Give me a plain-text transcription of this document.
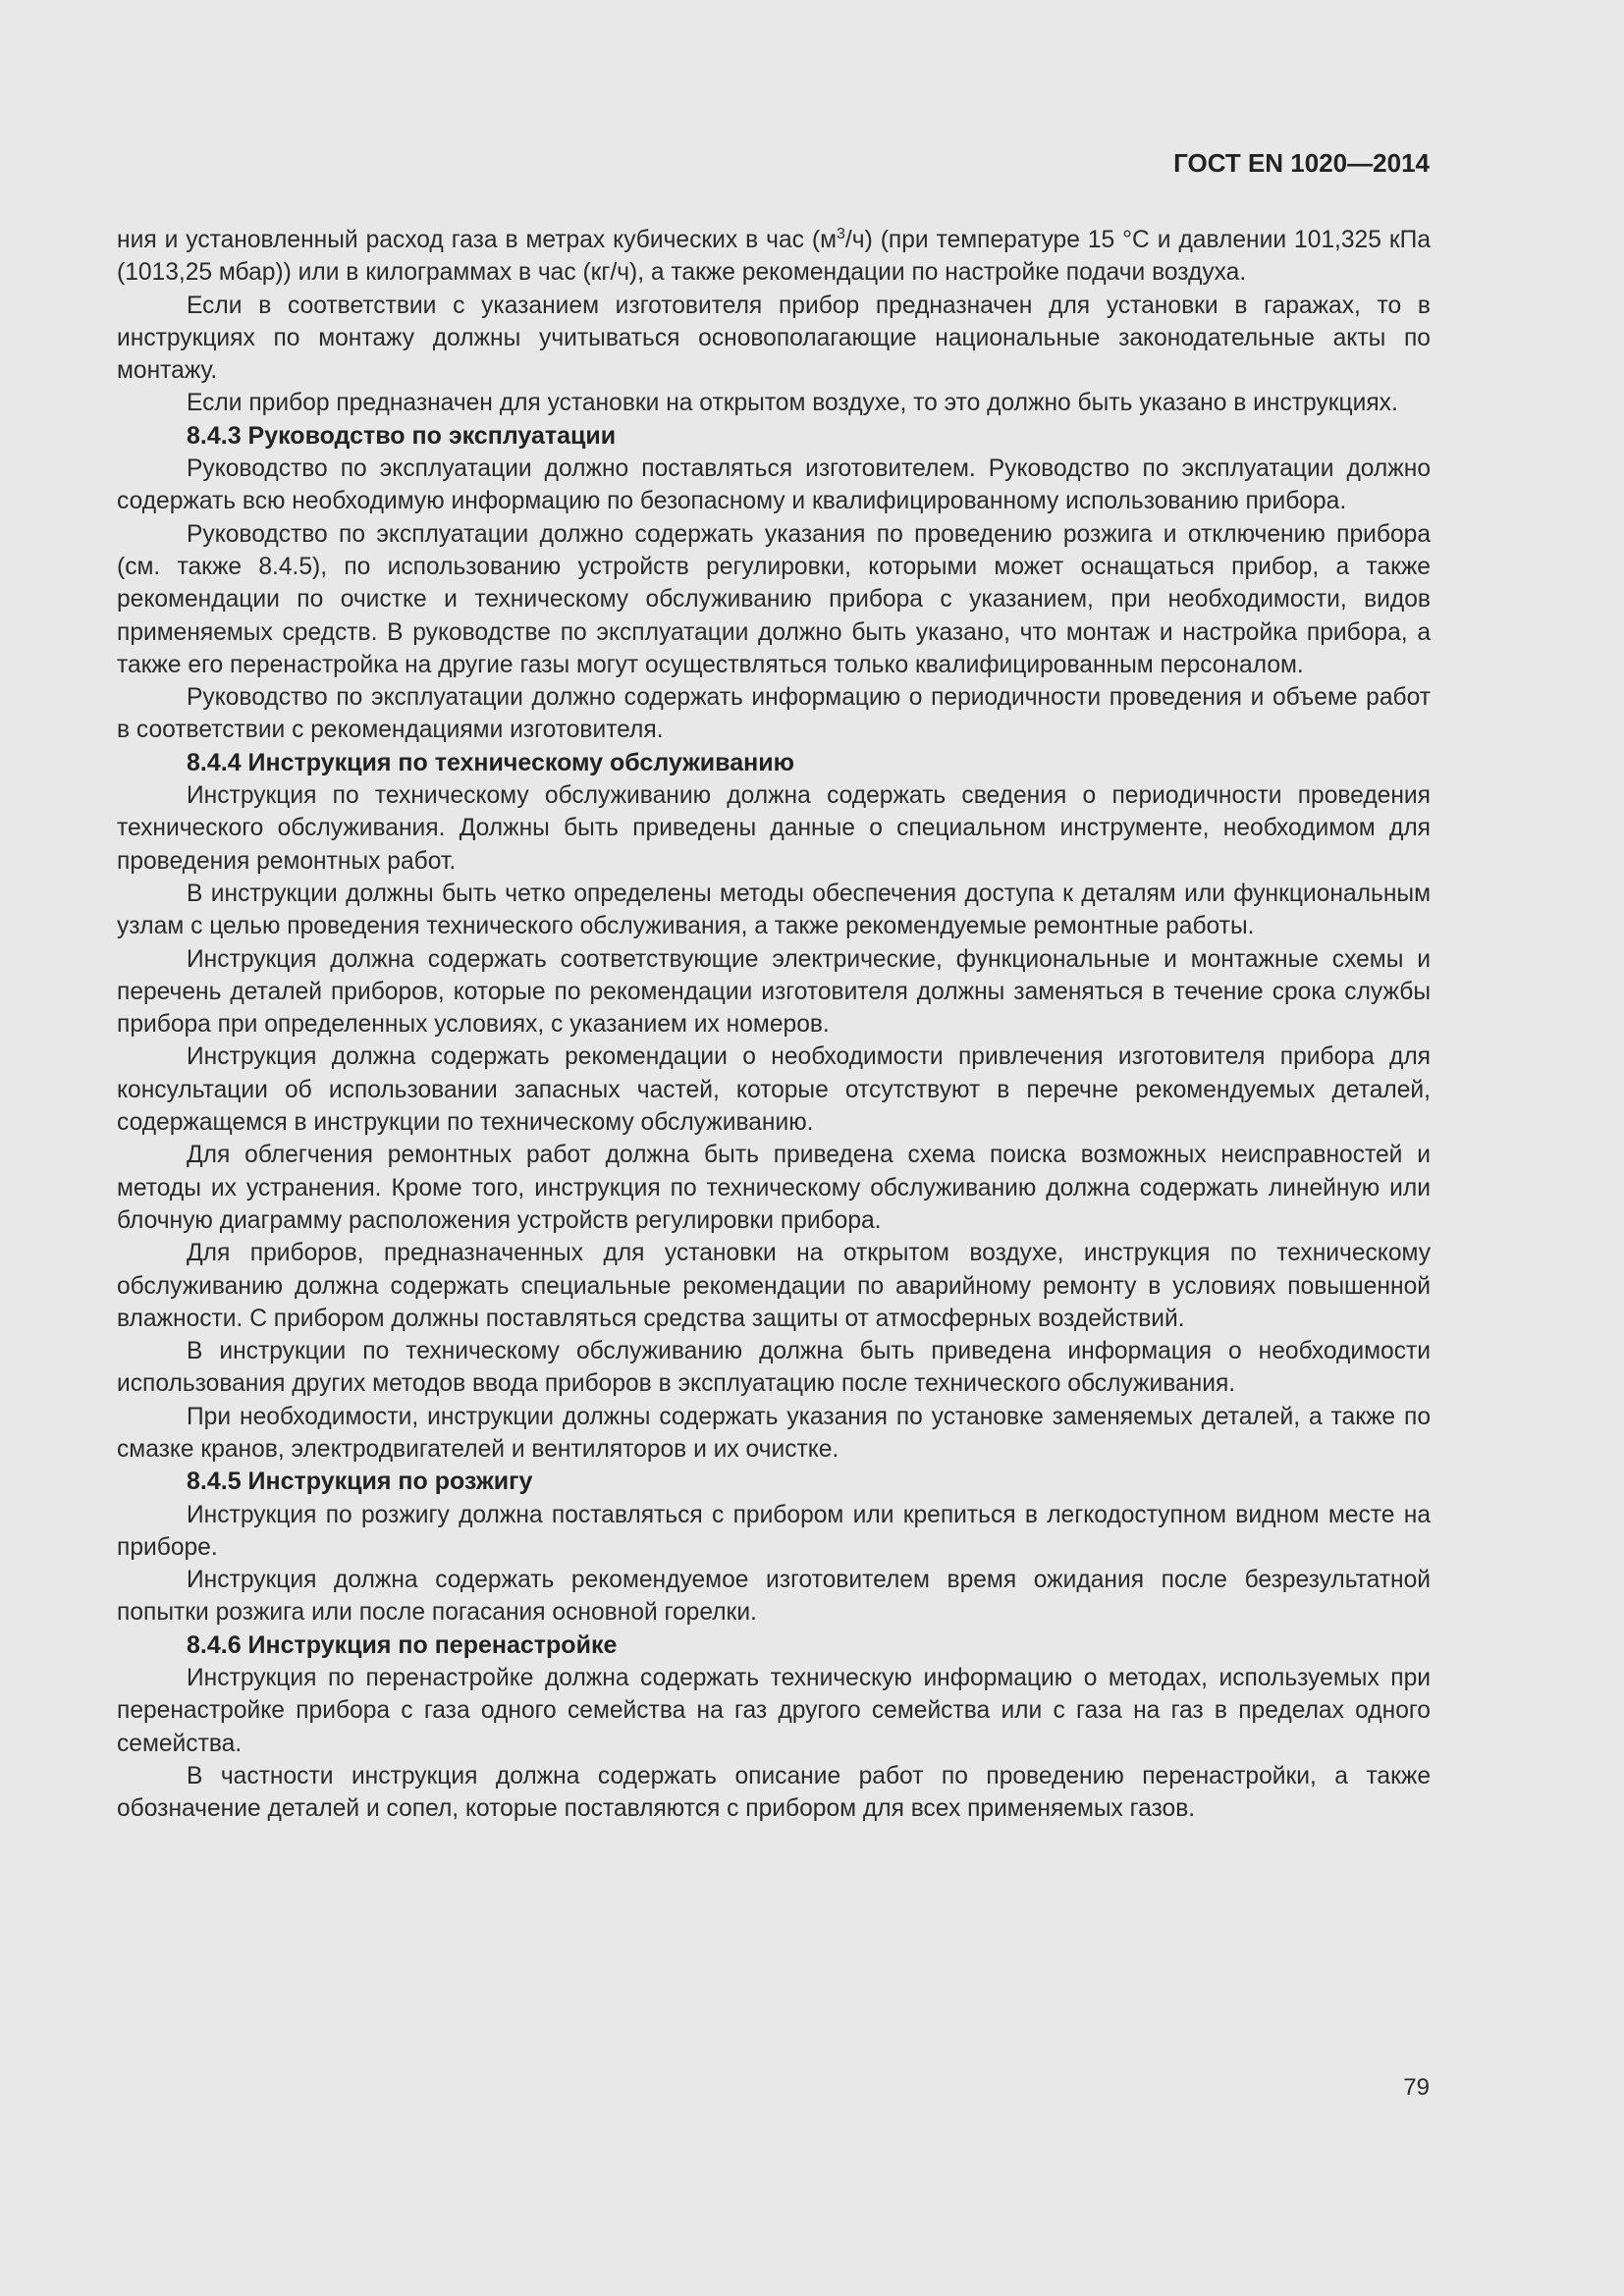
ГОСТ EN 1020—2014

ния и установленный расход газа в метрах кубических в час $(м^3/ч)$ (при температуре 15 °С и давлении 101,325 кПа (1013,25 мбар)) или в килограммах в час (кг/ч), а также рекомендации по настройке подачи воздуха.

Если в соответствии с указанием изготовителя прибор предназначен для установки в гаражах, то в инструкциях по монтажу должны учитываться основополагающие национальные законодательные акты по монтажу.

Если прибор предназначен для установки на открытом воздухе, то это должно быть указано в инструкциях.

8.4.3 Руководство по эксплуатации

Руководство по эксплуатации должно поставляться изготовителем. Руководство по эксплуатации должно содержать всю необходимую информацию по безопасному и квалифицированному использованию прибора.

Руководство по эксплуатации должно содержать указания по проведению розжига и отключению прибора (см. также 8.4.5), по использованию устройств регулировки, которыми может оснащаться прибор, а также рекомендации по очистке и техническому обслуживанию прибора с указанием, при необходимости, видов применяемых средств. В руководстве по эксплуатации должно быть указано, что монтаж и настройка прибора, а также его перенастройка на другие газы могут осуществляться только квалифицированным персоналом.

Руководство по эксплуатации должно содержать информацию о периодичности проведения и объеме работ в соответствии с рекомендациями изготовителя.

8.4.4 Инструкция по техническому обслуживанию

Инструкция по техническому обслуживанию должна содержать сведения о периодичности проведения технического обслуживания. Должны быть приведены данные о специальном инструменте, необходимом для проведения ремонтных работ.

В инструкции должны быть четко определены методы обеспечения доступа к деталям или функциональным узлам с целью проведения технического обслуживания, а также рекомендуемые ремонтные работы.

Инструкция должна содержать соответствующие электрические, функциональные и монтажные схемы и перечень деталей приборов, которые по рекомендации изготовителя должны заменяться в течение срока службы прибора при определенных условиях, с указанием их номеров.

Инструкция должна содержать рекомендации о необходимости привлечения изготовителя прибора для консультации об использовании запасных частей, которые отсутствуют в перечне рекомендуемых деталей, содержащемся в инструкции по техническому обслуживанию.

Для облегчения ремонтных работ должна быть приведена схема поиска возможных неисправностей и методы их устранения. Кроме того, инструкция по техническому обслуживанию должна содержать линейную или блочную диаграмму расположения устройств регулировки прибора.

Для приборов, предназначенных для установки на открытом воздухе, инструкция по техническому обслуживанию должна содержать специальные рекомендации по аварийному ремонту в условиях повышенной влажности. С прибором должны поставляться средства защиты от атмосферных воздействий.

В инструкции по техническому обслуживанию должна быть приведена информация о необходимости использования других методов ввода приборов в эксплуатацию после технического обслуживания.

При необходимости, инструкции должны содержать указания по установке заменяемых деталей, а также по смазке кранов, электродвигателей и вентиляторов и их очистке.

8.4.5 Инструкция по розжигу

Инструкция по розжигу должна поставляться с прибором или крепиться в легкодоступном видном месте на приборе.

Инструкция должна содержать рекомендуемое изготовителем время ожидания после безрезультатной попытки розжига или после погасания основной горелки.

8.4.6 Инструкция по перенастройке

Инструкция по перенастройке должна содержать техническую информацию о методах, используемых при перенастройке прибора с газа одного семейства на газ другого семейства или с газа на газ в пределах одного семейства.

В частности инструкция должна содержать описание работ по проведению перенастройки, а также обозначение деталей и сопел, которые поставляются с прибором для всех применяемых газов.

79
